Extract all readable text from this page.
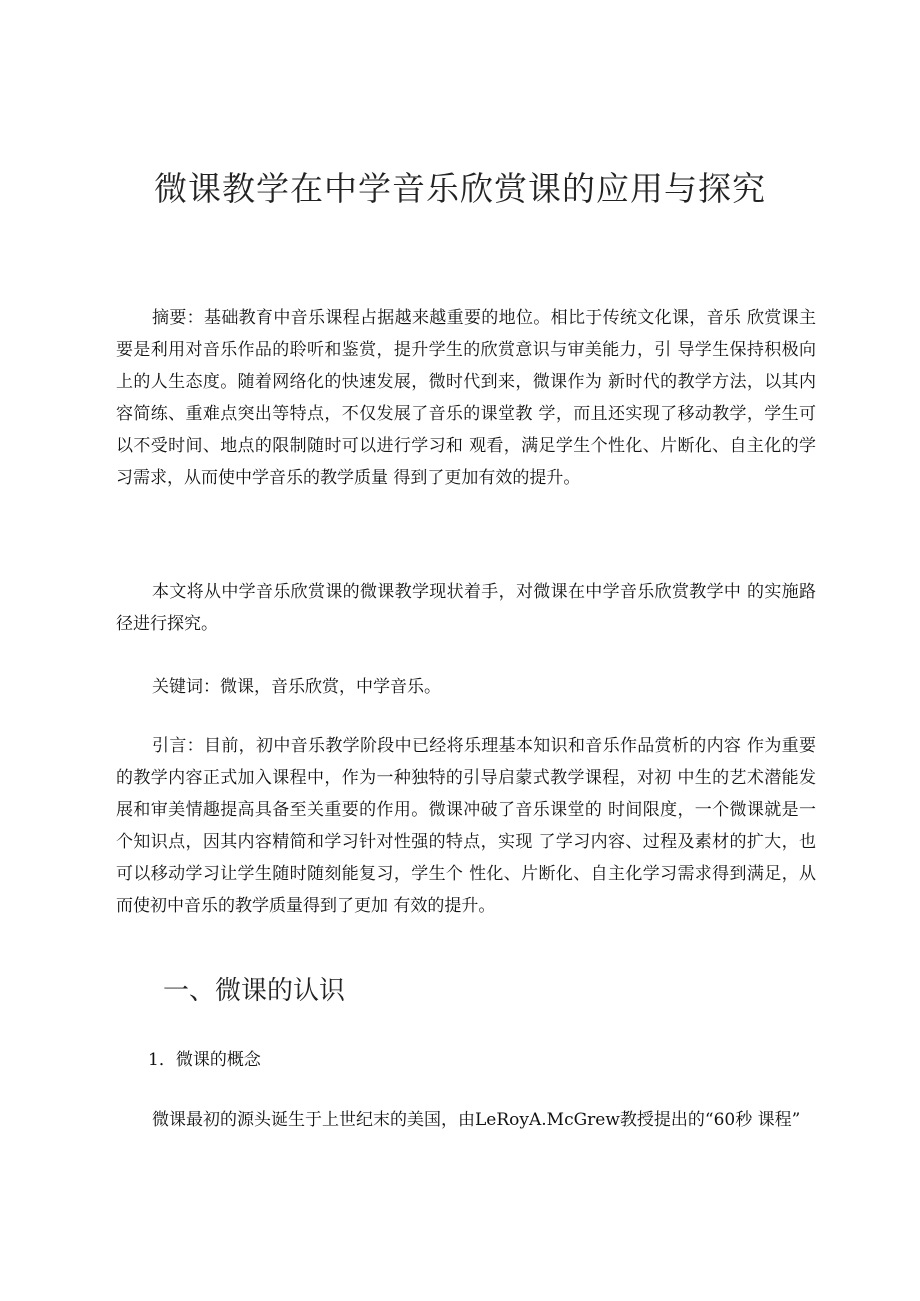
微课教学在中学音乐欣赏课的应用与探究

摘要：基础教育中音乐课程占据越来越重要的地位。相比于传统文化课，音乐 欣赏课主要是利用对音乐作品的聆听和鉴赏，提升学生的欣赏意识与审美能力，引 导学生保持积极向上的人生态度。随着网络化的快速发展，微时代到来，微课作为 新时代的教学方法，以其内容简练、重难点突出等特点，不仅发展了音乐的课堂教 学，而且还实现了移动教学，学生可以不受时间、地点的限制随时可以进行学习和 观看，满足学生个性化、片断化、自主化的学习需求，从而使中学音乐的教学质量 得到了更加有效的提升。

本文将从中学音乐欣赏课的微课教学现状着手，对微课在中学音乐欣赏教学中 的实施路径进行探究。

关键词：微课，音乐欣赏，中学音乐。

引言：目前，初中音乐教学阶段中已经将乐理基本知识和音乐作品赏析的内容 作为重要的教学内容正式加入课程中，作为一种独特的引导启蒙式教学课程，对初 中生的艺术潜能发展和审美情趣提高具备至关重要的作用。微课冲破了音乐课堂的 时间限度，一个微课就是一个知识点，因其内容精简和学习针对性强的特点，实现 了学习内容、过程及素材的扩大，也可以移动学习让学生随时随刻能复习，学生个 性化、片断化、自主化学习需求得到满足，从而使初中音乐的教学质量得到了更加 有效的提升。

一、微课的认识
1．微课的概念

微课最初的源头诞生于上世纪末的美国，由LeRoyA.McGrew教授提出的“60秒 课程”
